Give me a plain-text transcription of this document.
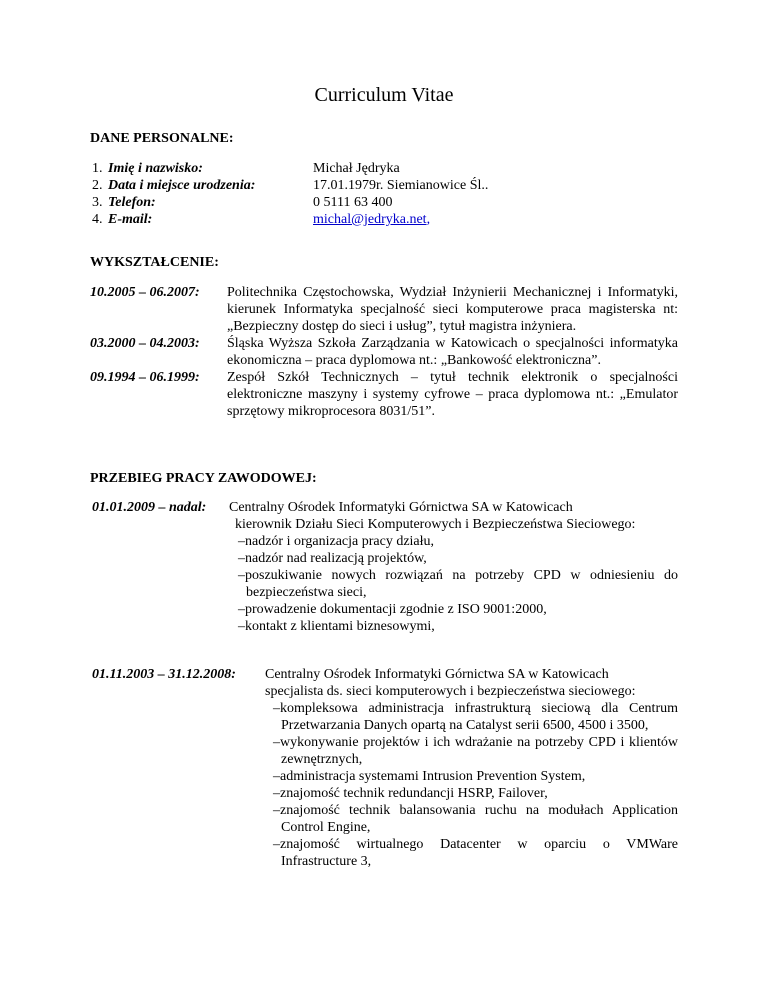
Curriculum Vitae
DANE PERSONALNE:
1. Imię i nazwisko:	Michał Jędryka
2. Data i miejsce urodzenia:	17.01.1979r. Siemianowice Śl..
3. Telefon:	0 5111 63 400
4. E-mail:	michal@jedryka.net,
WYKSZTAŁCENIE:
10.2005 – 06.2007: Politechnika Częstochowska, Wydział Inżynierii Mechanicznej i Informatyki, kierunek Informatyka specjalność sieci komputerowe praca magisterska nt: „Bezpieczny dostęp do sieci i usług”, tytuł magistra inżyniera.
03.2000 – 04.2003: Śląska Wyższa Szkoła Zarządzania w Katowicach o specjalności informatyka ekonomiczna – praca dyplomowa nt.: „Bankowość elektroniczna”.
09.1994 – 06.1999: Zespół Szkół Technicznych – tytuł technik elektronik o specjalności elektroniczne maszyny i systemy cyfrowe – praca dyplomowa nt.: „Emulator sprzętowy mikroprocesora 8031/51”.
PRZEBIEG PRACY ZAWODOWEJ:
01.01.2009 – nadal: Centralny Ośrodek Informatyki Górnictwa SA w Katowicach
kierownik Działu Sieci Komputerowych i Bezpieczeństwa Sieciowego:
– nadzór i organizacja pracy działu,
– nadzór nad realizacją projektów,
– poszukiwanie nowych rozwiązań na potrzeby CPD w odniesieniu do bezpieczeństwa sieci,
– prowadzenie dokumentacji zgodnie z ISO 9001:2000,
– kontakt z klientami biznesowymi,
01.11.2003 – 31.12.2008: Centralny Ośrodek Informatyki Górnictwa SA w Katowicach
specjalista ds. sieci komputerowych i bezpieczeństwa sieciowego:
– kompleksowa administracja infrastrukturą sieciową dla Centrum Przetwarzania Danych opartą na Catalyst serii 6500, 4500 i 3500,
– wykonywanie projektów i ich wdrażanie na potrzeby CPD i klientów zewnętrznych,
– administracja systemami Intrusion Prevention System,
– znajomość technik redundancji HSRP, Failover,
– znajomość technik balansowania ruchu na modułach Application Control Engine,
– znajomość wirtualnego Datacenter w oparciu o VMWare Infrastructure 3,
